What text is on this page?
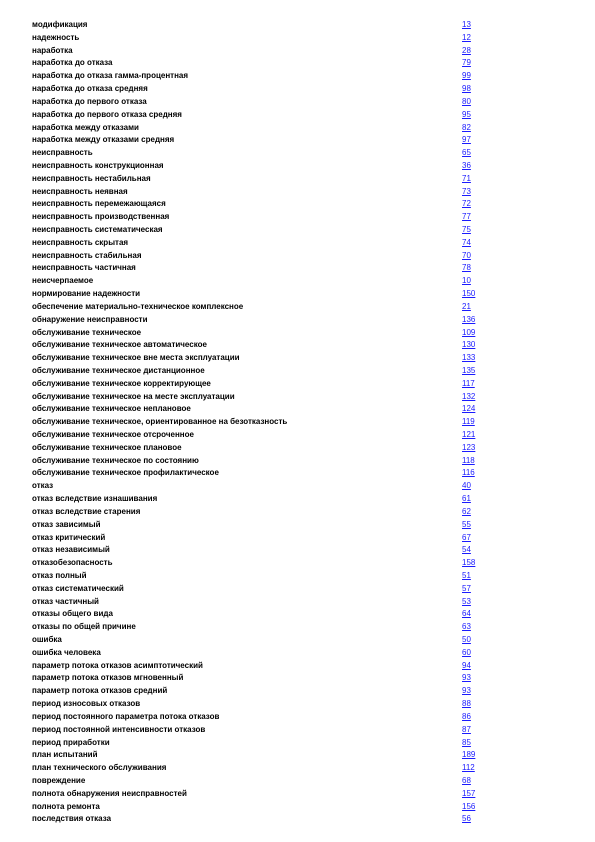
модификация	13
надежность	12
наработка	28
наработка до отказа	79
наработка до отказа гамма-процентная	99
наработка до отказа средняя	98
наработка до первого отказа	80
наработка до первого отказа средняя	95
наработка между отказами	82
наработка между отказами средняя	97
неисправность	65
неисправность конструкционная	36
неисправность нестабильная	71
неисправность неявная	73
неисправность перемежающаяся	72
неисправность производственная	77
неисправность систематическая	75
неисправность скрытая	74
неисправность стабильная	70
неисправность частичная	78
неисчерпаемое	10
нормирование надежности	150
обеспечение материально-техническое комплексное	21
обнаружение неисправности	136
обслуживание техническое	109
обслуживание техническое автоматическое	130
обслуживание техническое вне места эксплуатации	133
обслуживание техническое дистанционное	135
обслуживание техническое корректирующее	117
обслуживание техническое на месте эксплуатации	132
обслуживание техническое неплановое	124
обслуживание техническое, ориентированное на безотказность	119
обслуживание техническое отсроченное	121
обслуживание техническое плановое	123
обслуживание техническое по состоянию	118
обслуживание техническое профилактическое	116
отказ	40
отказ вследствие изнашивания	61
отказ вследствие старения	62
отказ зависимый	55
отказ критический	67
отказ независимый	54
отказобезопасность	158
отказ полный	51
отказ систематический	57
отказ частичный	53
отказы общего вида	64
отказы по общей причине	63
ошибка	50
ошибка человека	60
параметр потока отказов асимптотический	94
параметр потока отказов мгновенный	93
параметр потока отказов средний	93
период износовых отказов	88
период постоянного параметра потока отказов	86
период постоянной интенсивности отказов	87
период приработки	85
план испытаний	189
план технического обслуживания	112
повреждение	68
полнота обнаружения неисправностей	157
полнота ремонта	156
последствия отказа	56
